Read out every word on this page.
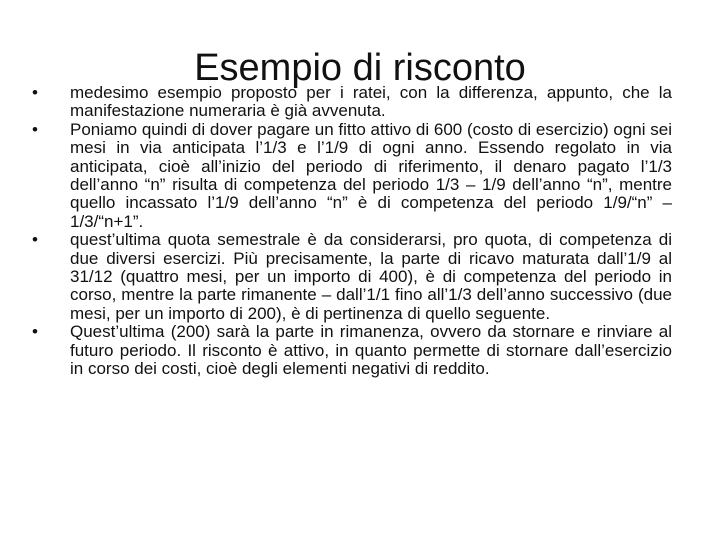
Esempio di risconto
•	medesimo esempio proposto per i ratei, con la differenza, appunto, che la manifestazione numeraria è già avvenuta.
•	Poniamo quindi di dover pagare un fitto attivo di 600 (costo di esercizio) ogni sei mesi in via anticipata l’1/3 e l’1/9 di ogni anno. Essendo regolato in via anticipata, cioè all’inizio del periodo di riferimento, il denaro pagato l’1/3 dell’anno “n” risulta di competenza del periodo 1/3 – 1/9 dell’anno “n”, mentre quello incassato l’1/9 dell’anno “n” è di competenza del periodo 1/9/“n” – 1/3/“n+1”.
•	quest’ultima quota semestrale è da considerarsi, pro quota, di competenza di due diversi esercizi. Più precisamente, la parte di ricavo maturata dall’1/9 al 31/12 (quattro mesi, per un importo di 400), è di competenza del periodo in corso, mentre la parte rimanente – dall’1/1 fino all’1/3 dell’anno successivo (due mesi, per un importo di 200), è di pertinenza di quello seguente.
•	Quest’ultima (200) sarà la parte in rimanenza, ovvero da stornare e rinviare al futuro periodo. Il risconto è attivo, in quanto permette di stornare dall’esercizio in corso dei costi, cioè degli elementi negativi di reddito.
